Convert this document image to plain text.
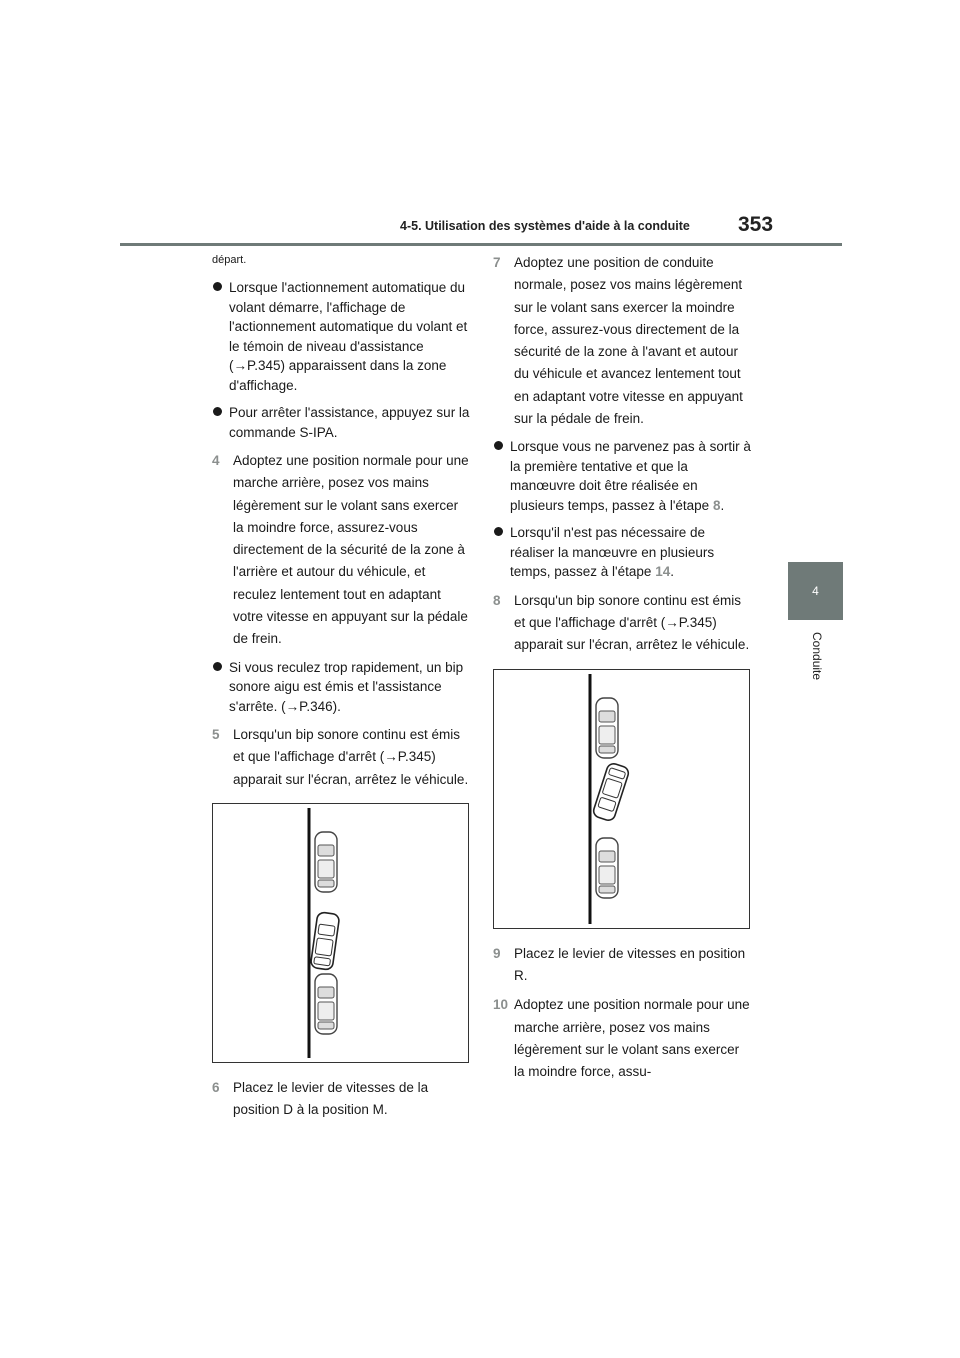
4-5. Utilisation des systèmes d'aide à la conduite 353
4
Conduite
départ.
Lorsque l'actionnement automatique du volant démarre, l'affichage de l'actionnement automatique du volant et le témoin de niveau d'assistance (→P.345) apparaissent dans la zone d'affichage.
Pour arrêter l'assistance, appuyez sur la commande S-IPA.
4 Adoptez une position normale pour une marche arrière, posez vos mains légèrement sur le volant sans exercer la moindre force, assurez-vous directement de la sécurité de la zone à l'arrière et autour du véhicule, et reculez lentement tout en adaptant votre vitesse en appuyant sur la pédale de frein.
Si vous reculez trop rapidement, un bip sonore aigu est émis et l'assistance s'arrête. (→P.346).
5 Lorsqu'un bip sonore continu est émis et que l'affichage d'arrêt (→P.345) apparait sur l'écran, arrêtez le véhicule.
6 Placez le levier de vitesses de la position D à la position M.
7 Adoptez une position de conduite normale, posez vos mains légèrement sur le volant sans exercer la moindre force, assurez-vous directement de la sécurité de la zone à l'avant et autour du véhicule et avancez lentement tout en adaptant votre vitesse en appuyant sur la pédale de frein.
Lorsque vous ne parvenez pas à sortir à la première tentative et que la manœuvre doit être réalisée en plusieurs temps, passez à l'étape 8.
Lorsqu'il n'est pas nécessaire de réaliser la manœuvre en plusieurs temps, passez à l'étape 14.
8 Lorsqu'un bip sonore continu est émis et que l'affichage d'arrêt (→P.345) apparait sur l'écran, arrêtez le véhicule.
9 Placez le levier de vitesses en position R.
10 Adoptez une position normale pour une marche arrière, posez vos mains légèrement sur le volant sans exercer la moindre force, assu-
